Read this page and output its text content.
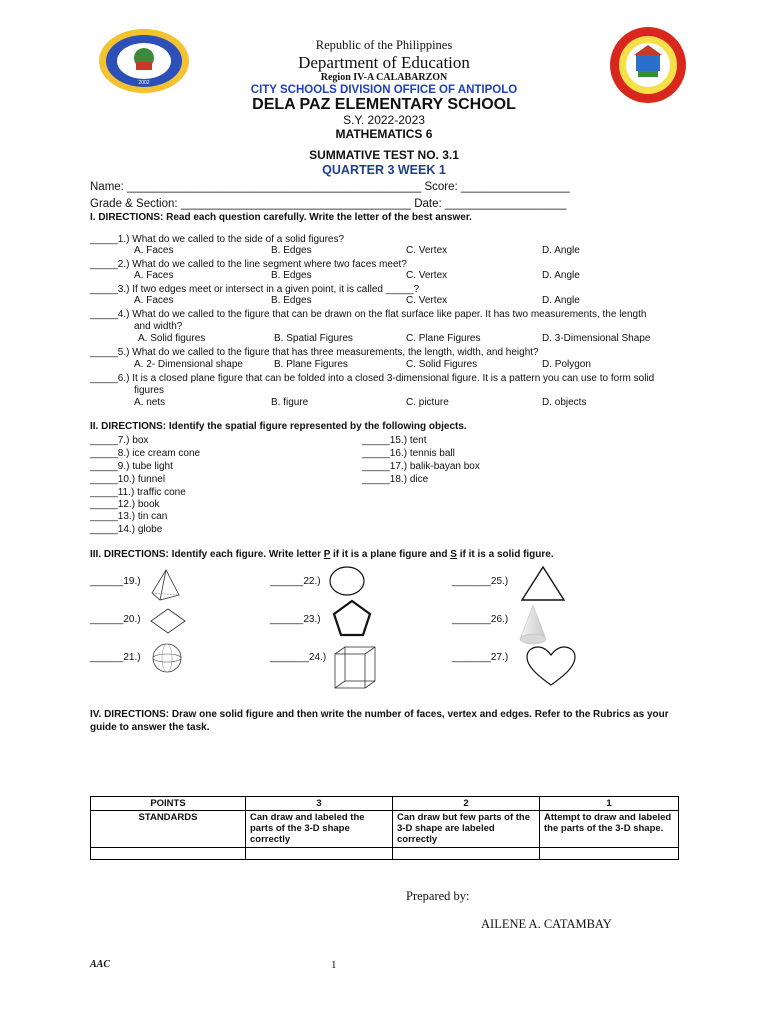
2002
Republic of the Philippines
Department of Education
Region IV-A CALABARZON
CITY SCHOOLS DIVISION OFFICE OF ANTIPOLO
DELA PAZ ELEMENTARY SCHOOL
S.Y. 2022-2023
MATHEMATICS 6
SUMMATIVE TEST NO. 3.1
QUARTER 3 WEEK 1
Name: ______________________________________________ Score: _________________
Grade & Section: ____________________________________ Date: ___________________
I. DIRECTIONS: Read each question carefully. Write the letter of the best answer.
_____1.) What do we called to the side of a solid figures?
A. Faces	B. Edges	C. Vertex	D. Angle
_____2.) What do we called to the line segment where two faces meet?
A. Faces	B. Edges	C. Vertex	D. Angle
_____3.) If two edges meet or intersect in a given point, it is called _____?
A. Faces	B. Edges	C. Vertex	D. Angle
_____4.) What do we called to the figure that can be drawn on the flat surface like paper. It has two measurements, the length
and width?
A. Solid figures	B. Spatial Figures	C. Plane Figures	D. 3-Dimensional Shape
_____5.) What do we called to the figure that has three measurements, the length, width, and height?
A. 2- Dimensional shape	B. Plane Figures	C. Solid Figures	D. Polygon
_____6.) It is a closed plane figure that can be folded into a closed 3-dimensional figure. It is a pattern you can use to form solid
figures
A. nets	B. figure	C. picture	D. objects
II. DIRECTIONS: Identify the spatial figure represented by the following objects.
_____7.) box
_____8.) ice cream cone
_____9.) tube light
_____10.) funnel
_____11.) traffic cone
_____12.) book
_____13.) tin can
_____14.) globe
_____15.) tent
_____16.) tennis ball
_____17.) balik-bayan box
_____18.) dice
III. DIRECTIONS: Identify each figure. Write letter P if it is a plane figure and S if it is a solid figure.
______19.)
______20.)
______21.)
______22.)
______23.)
_______24.)
_______25.)
_______26.)
_______27.)
IV. DIRECTIONS: Draw one solid figure and then write the number of faces, vertex and edges. Refer to the Rubrics as your
guide to answer the task.
POINTS	3	2	1
STANDARDS	Can draw and labeled the parts of the 3-D shape correctly	Can draw but few parts of the 3-D shape are labeled correctly	Attempt to draw and labeled the parts of the 3-D shape.

Prepared by:
AILENE A. CATAMBAY
AAC	1
